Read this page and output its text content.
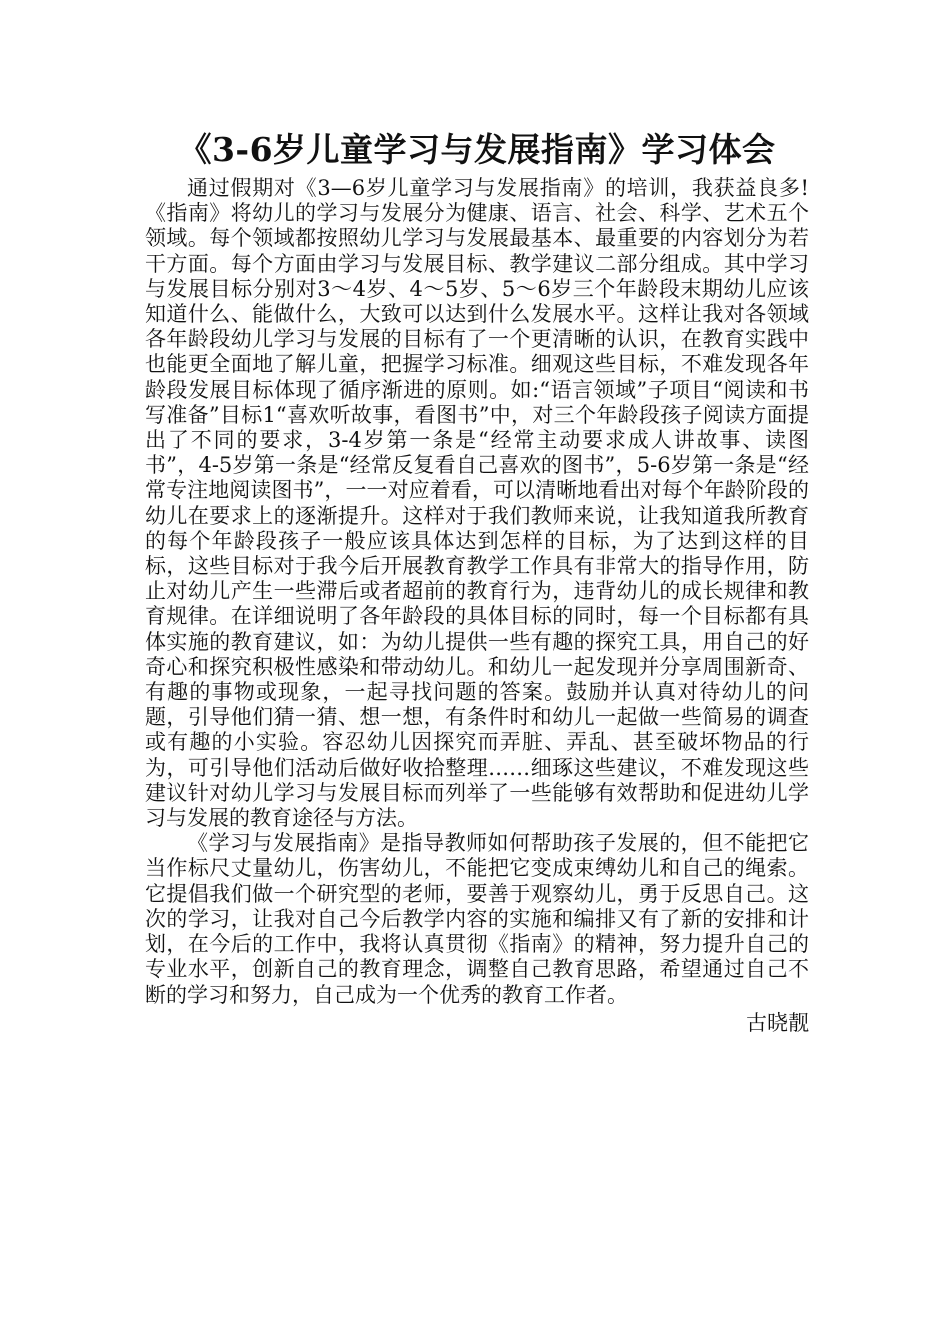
《3-6岁儿童学习与发展指南》学习体会

通过假期对《3—6岁儿童学习与发展指南》的培训，我获益良多!《指南》将幼儿的学习与发展分为健康、语言、社会、科学、艺术五个领域。每个领域都按照幼儿学习与发展最基本、最重要的内容划分为若干方面。每个方面由学习与发展目标、教学建议二部分组成。其中学习与发展目标分别对3～4岁、4～5岁、5～6岁三个年龄段末期幼儿应该知道什么、能做什么，大致可以达到什么发展水平。这样让我对各领域各年龄段幼儿学习与发展的目标有了一个更清晰的认识，在教育实践中也能更全面地了解儿童，把握学习标准。细观这些目标，不难发现各年龄段发展目标体现了循序渐进的原则。如:“语言领域”子项目“阅读和书写准备”目标1“喜欢听故事，看图书”中，对三个年龄段孩子阅读方面提出了不同的要求，3-4岁第一条是“经常主动要求成人讲故事、读图书”，4-5岁第一条是“经常反复看自己喜欢的图书”，5-6岁第一条是“经常专注地阅读图书”，一一对应着看，可以清晰地看出对每个年龄阶段的幼儿在要求上的逐渐提升。这样对于我们教师来说，让我知道我所教育的每个年龄段孩子一般应该具体达到怎样的目标，为了达到这样的目标，这些目标对于我今后开展教育教学工作具有非常大的指导作用，防止对幼儿产生一些滞后或者超前的教育行为，违背幼儿的成长规律和教育规律。在详细说明了各年龄段的具体目标的同时，每一个目标都有具体实施的教育建议，如：为幼儿提供一些有趣的探究工具，用自己的好奇心和探究积极性感染和带动幼儿。和幼儿一起发现并分享周围新奇、有趣的事物或现象，一起寻找问题的答案。鼓励并认真对待幼儿的问题，引导他们猜一猜、想一想，有条件时和幼儿一起做一些简易的调查或有趣的小实验。容忍幼儿因探究而弄脏、弄乱、甚至破坏物品的行为，可引导他们活动后做好收拾整理……细琢这些建议，不难发现这些建议针对幼儿学习与发展目标而列举了一些能够有效帮助和促进幼儿学习与发展的教育途径与方法。

《学习与发展指南》是指导教师如何帮助孩子发展的，但不能把它当作标尺丈量幼儿，伤害幼儿，不能把它变成束缚幼儿和自己的绳索。它提倡我们做一个研究型的老师，要善于观察幼儿，勇于反思自己。这次的学习，让我对自己今后教学内容的实施和编排又有了新的安排和计划，在今后的工作中，我将认真贯彻《指南》的精神，努力提升自己的专业水平，创新自己的教育理念，调整自己教育思路，希望通过自己不断的学习和努力，自己成为一个优秀的教育工作者。

古晓靓
